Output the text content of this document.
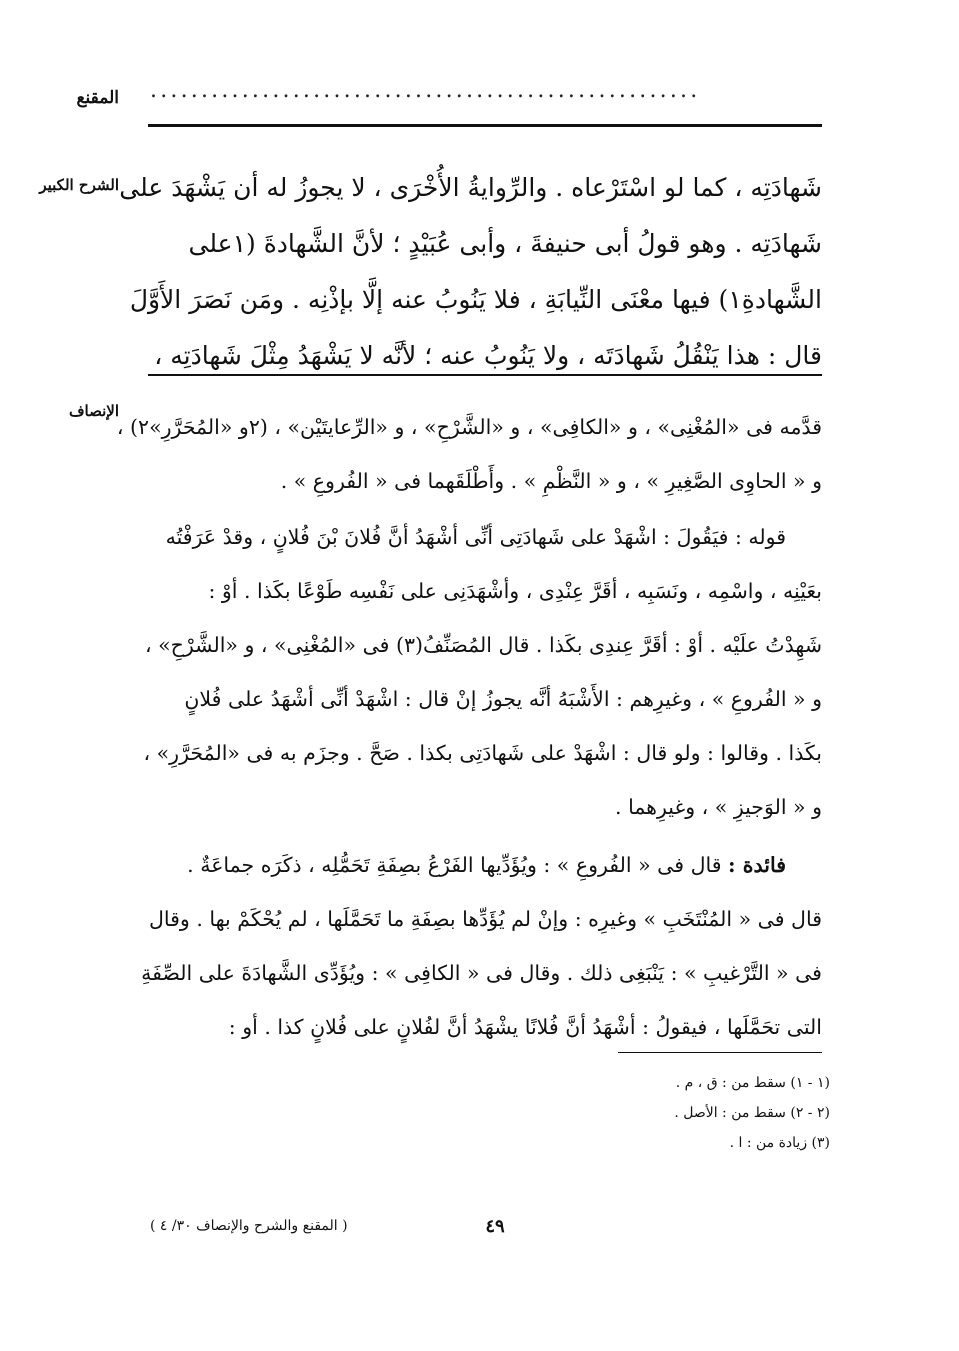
المقنع ......................................................
الشرح الكبير
الإنصاف
شَهادَتِه ، كما لو اسْتَرْعاه . والرِّوايةُ الأُخْرَى ، لا يجوزُ له أن يَشْهَدَ على
شَهادَتِه . وهو قولُ أبى حنيفةَ ، وأبى عُبَيْدٍ ؛ لأنَّ الشَّهادةَ (١على
الشَّهادةِ١) فيها معْنَى النِّيابَةِ ، فلا يَنُوبُ عنه إلَّا بإذْنِه . ومَن نَصَرَ الأَوَّلَ
قال : هذا يَنْقُلُ شَهادَتَه ، ولا يَنُوبُ عنه ؛ لأنَّه لا يَشْهَدُ مِثْلَ شَهادَتِه ،
قدَّمه فى «المُغْنِى» ، و «الكافِى» ، و «الشَّرْحِ» ، و «الرِّعايتَيْن» ، (٢و «المُحَرَّرِ»٢) ،
و « الحاوِى الصَّغِيرِ » ، و « النَّظْمِ » . وأَطْلَقَهما فى « الفُروعِ » .
قوله : فيَقُولَ : اشْهَدْ على شَهادَتِى أنِّى أشْهَدُ أنَّ فُلانَ بْنَ فُلانٍ ، وقدْ عَرَفْتُه
بعَيْنِه ، واسْمِه ، ونَسَبِه ، أقَرَّ عِنْدِى ، وأشْهَدَنِى على نَفْسِه طَوْعًا بكَذا . أوْ :
شَهِدْتُ علَيْه . أوْ : أقَرَّ عِندِى بكَذا . قال المُصَنِّفُ(٣) فى «المُغْنِى» ، و «الشَّرْحِ» ،
و « الفُروعِ » ، وغيرِهم : الأَشْبَهُ أنَّه يجوزُ إنْ قال : اشْهَدْ أنِّى أشْهَدُ على فُلانٍ
بكَذا . وقالوا : ولو قال : اشْهَدْ على شَهادَتِى بكذا . صَحَّ . وجزَم به فى «المُحَرَّرِ» ،
و « الوَجيزِ » ، وغيرِهما .
فائدة : قال فى « الفُروعِ » : ويُؤَدِّيها الفَرْعُ بصِفَةِ تَحَمُّلِه ، ذكَرَه جماعَةٌ .
قال فى « المُنْتَخَبِ » وغيرِه : وإنْ لم يُؤَدِّها بصِفَةِ ما تَحَمَّلَها ، لم يُحْكَمْ بها . وقال
فى « التَّرْغيبِ » : يَنْبَغِى ذلك . وقال فى « الكافِى » : ويُؤَدِّى الشَّهادَةَ على الصِّفَةِ
التى تحَمَّلَها ، فيقولُ : أشْهَدُ أنَّ فُلانًا يشْهَدُ أنَّ لفُلانٍ على فُلانٍ كذا . أو :
(١ - ١) سقط من : ق ، م .
(٢ - ٢) سقط من : الأصل .
(٣) زيادة من : ا .
٤٩
( المقنع والشرح والإنصاف ٣٠/ ٤ )
